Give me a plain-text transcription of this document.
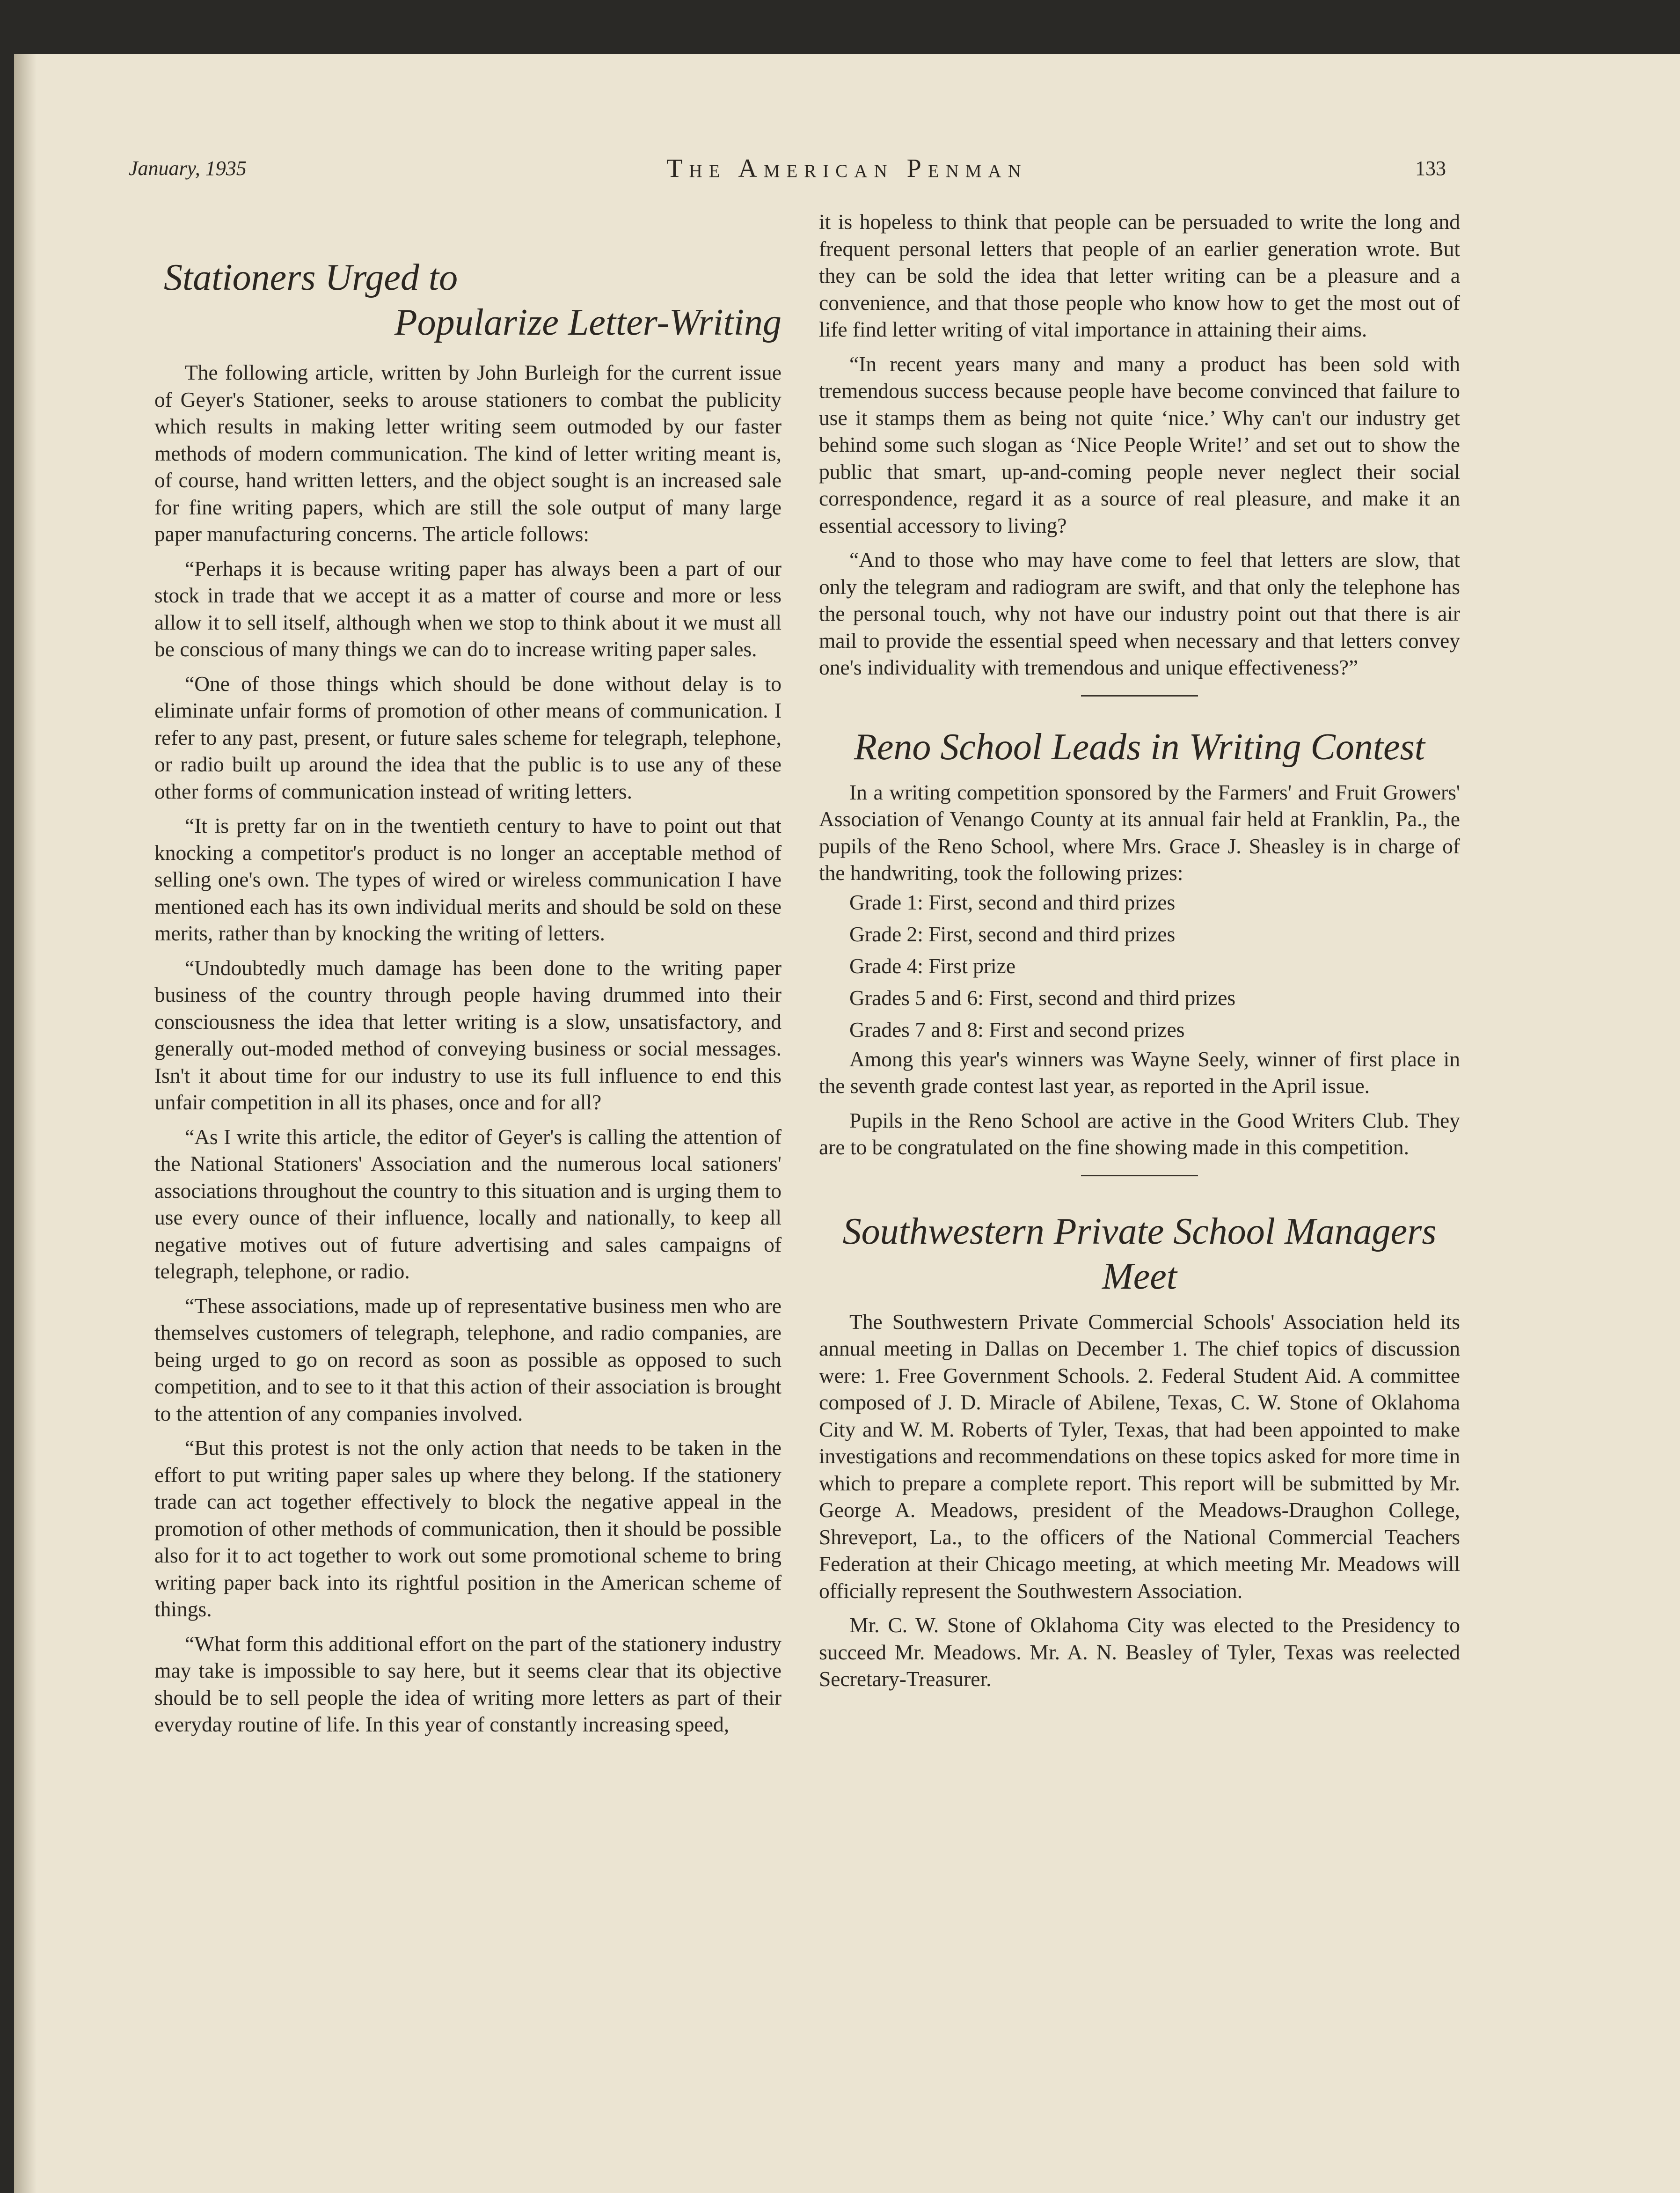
January, 1935	The American Penman	133
Stationers Urged to
Popularize Letter-Writing

The following article, written by John Burleigh for the current issue of Geyer's Stationer, seeks to arouse stationers to combat the publicity which results in making letter writing seem outmoded by our faster methods of modern communication. The kind of letter writing meant is, of course, hand written letters, and the object sought is an increased sale for fine writing papers, which are still the sole output of many large paper manufacturing concerns. The article follows:

“Perhaps it is because writing paper has always been a part of our stock in trade that we accept it as a matter of course and more or less allow it to sell itself, although when we stop to think about it we must all be conscious of many things we can do to increase writing paper sales.

“One of those things which should be done without delay is to eliminate unfair forms of promotion of other means of communication. I refer to any past, present, or future sales scheme for telegraph, telephone, or radio built up around the idea that the public is to use any of these other forms of communication instead of writing letters.

“It is pretty far on in the twentieth century to have to point out that knocking a competitor's product is no longer an acceptable method of selling one's own. The types of wired or wireless communication I have mentioned each has its own individual merits and should be sold on these merits, rather than by knocking the writing of letters.

“Undoubtedly much damage has been done to the writing paper business of the country through people having drummed into their consciousness the idea that letter writing is a slow, unsatisfactory, and generally out-moded method of conveying business or social messages. Isn't it about time for our industry to use its full influence to end this unfair competition in all its phases, once and for all?

“As I write this article, the editor of Geyer's is calling the attention of the National Stationers' Association and the numerous local sationers' associations throughout the country to this situation and is urging them to use every ounce of their influence, locally and nationally, to keep all negative motives out of future advertising and sales campaigns of telegraph, telephone, or radio.

“These associations, made up of representative business men who are themselves customers of telegraph, telephone, and radio companies, are being urged to go on record as soon as possible as opposed to such competition, and to see to it that this action of their association is brought to the attention of any companies involved.

“But this protest is not the only action that needs to be taken in the effort to put writing paper sales up where they belong. If the stationery trade can act together effectively to block the negative appeal in the promotion of other methods of communication, then it should be possible also for it to act together to work out some promotional scheme to bring writing paper back into its rightful position in the American scheme of things.

“What form this additional effort on the part of the stationery industry may take is impossible to say here, but it seems clear that its objective should be to sell people the idea of writing more letters as part of their everyday routine of life. In this year of constantly increasing speed,

it is hopeless to think that people can be persuaded to write the long and frequent personal letters that people of an earlier generation wrote. But they can be sold the idea that letter writing can be a pleasure and a convenience, and that those people who know how to get the most out of life find letter writing of vital importance in attaining their aims.

“In recent years many and many a product has been sold with tremendous success because people have become convinced that failure to use it stamps them as being not quite ‘nice.’ Why can't our industry get behind some such slogan as ‘Nice People Write!’ and set out to show the public that smart, up-and-coming people never neglect their social correspondence, regard it as a source of real pleasure, and make it an essential accessory to living?

“And to those who may have come to feel that letters are slow, that only the telegram and radiogram are swift, and that only the telephone has the personal touch, why not have our industry point out that there is air mail to provide the essential speed when necessary and that letters convey one's individuality with tremendous and unique effectiveness?”

Reno School Leads in Writing Contest

In a writing competition sponsored by the Farmers' and Fruit Growers' Association of Venango County at its annual fair held at Franklin, Pa., the pupils of the Reno School, where Mrs. Grace J. Sheasley is in charge of the handwriting, took the following prizes:

Grade 1: First, second and third prizes

Grade 2: First, second and third prizes

Grade 4: First prize

Grades 5 and 6: First, second and third prizes

Grades 7 and 8: First and second prizes

Among this year's winners was Wayne Seely, winner of first place in the seventh grade contest last year, as reported in the April issue.

Pupils in the Reno School are active in the Good Writers Club. They are to be congratulated on the fine showing made in this competition.

Southwestern Private School Managers
Meet

The Southwestern Private Commercial Schools' Association held its annual meeting in Dallas on December 1. The chief topics of discussion were: 1. Free Government Schools. 2. Federal Student Aid. A committee composed of J. D. Miracle of Abilene, Texas, C. W. Stone of Oklahoma City and W. M. Roberts of Tyler, Texas, that had been appointed to make investigations and recommendations on these topics asked for more time in which to prepare a complete report. This report will be submitted by Mr. George A. Meadows, president of the Meadows-Draughon College, Shreveport, La., to the officers of the National Commercial Teachers Federation at their Chicago meeting, at which meeting Mr. Meadows will officially represent the Southwestern Association.

Mr. C. W. Stone of Oklahoma City was elected to the Presidency to succeed Mr. Meadows. Mr. A. N. Beasley of Tyler, Texas was reelected Secretary-Treasurer.
